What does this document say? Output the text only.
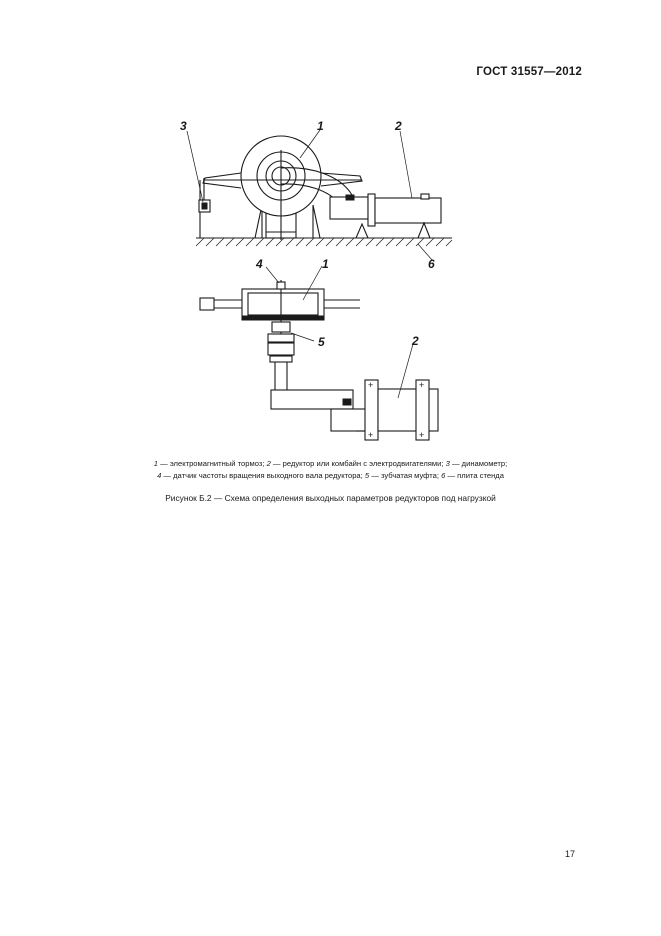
ГОСТ 31557—2012
+
+
+
+
1	2
3
6
4	1
5	2
1 — электромагнитный тормоз; 2 — редуктор или комбайн с электродвигателями; 3 — динамометр;
4 — датчик частоты вращения выходного вала редуктора; 5 — зубчатая муфта; 6 — плита стенда
Рисунок Б.2 — Схема определения выходных параметров редукторов под нагрузкой
17
